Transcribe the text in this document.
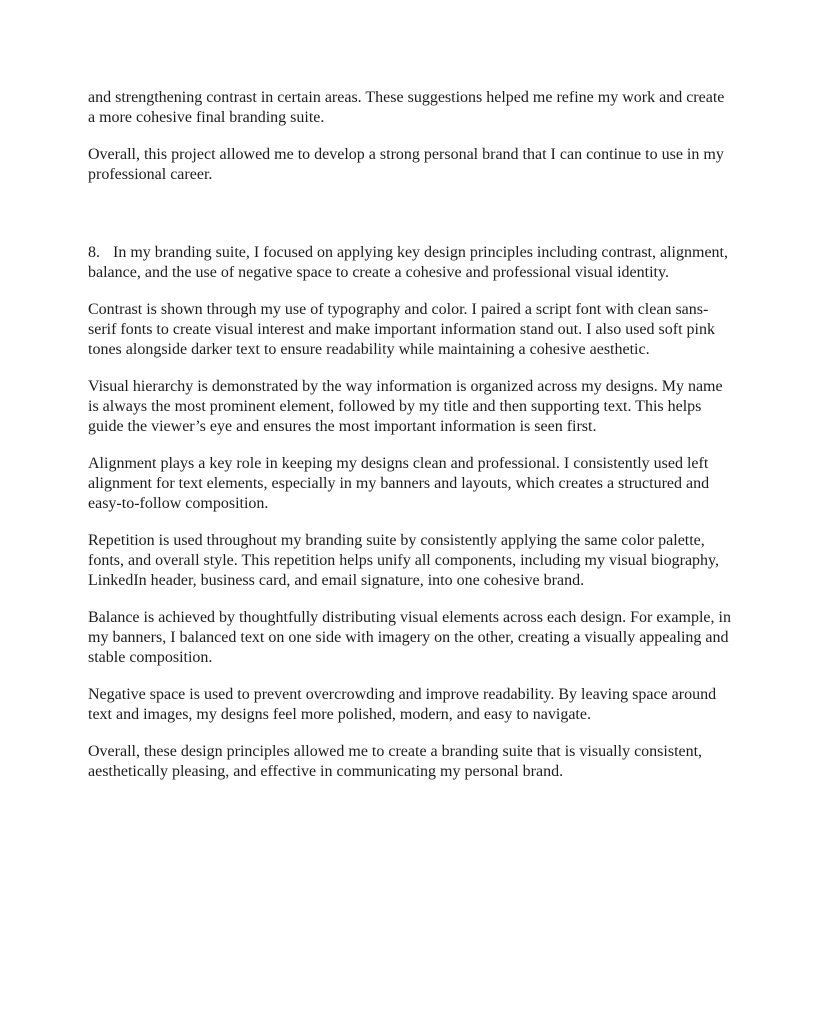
and strengthening contrast in certain areas. These suggestions helped me refine my work and create a more cohesive final branding suite.

Overall, this project allowed me to develop a strong personal brand that I can continue to use in my professional career.

8. In my branding suite, I focused on applying key design principles including contrast, alignment, balance, and the use of negative space to create a cohesive and professional visual identity.

Contrast is shown through my use of typography and color. I paired a script font with clean sans-serif fonts to create visual interest and make important information stand out. I also used soft pink tones alongside darker text to ensure readability while maintaining a cohesive aesthetic.

Visual hierarchy is demonstrated by the way information is organized across my designs. My name is always the most prominent element, followed by my title and then supporting text. This helps guide the viewer’s eye and ensures the most important information is seen first.

Alignment plays a key role in keeping my designs clean and professional. I consistently used left alignment for text elements, especially in my banners and layouts, which creates a structured and easy-to-follow composition.

Repetition is used throughout my branding suite by consistently applying the same color palette, fonts, and overall style. This repetition helps unify all components, including my visual biography, LinkedIn header, business card, and email signature, into one cohesive brand.

Balance is achieved by thoughtfully distributing visual elements across each design. For example, in my banners, I balanced text on one side with imagery on the other, creating a visually appealing and stable composition.

Negative space is used to prevent overcrowding and improve readability. By leaving space around text and images, my designs feel more polished, modern, and easy to navigate.

Overall, these design principles allowed me to create a branding suite that is visually consistent, aesthetically pleasing, and effective in communicating my personal brand.
